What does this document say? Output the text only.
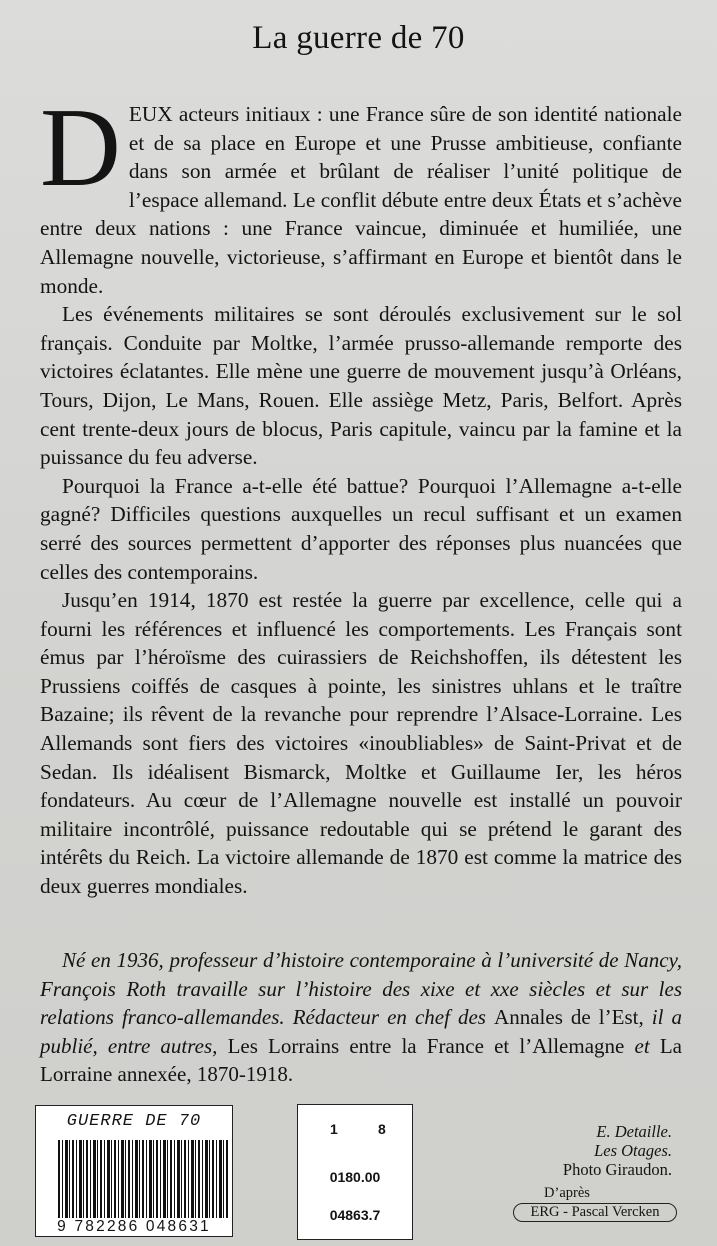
La guerre de 70

DEUX acteurs initiaux : une France sûre de son identité nationale et de sa place en Europe et une Prusse ambitieuse, confiante dans son armée et brûlant de réaliser l’unité politique de l’espace allemand. Le conflit débute entre deux États et s’achève entre deux nations : une France vaincue, diminuée et humiliée, une Allemagne nouvelle, victorieuse, s’affirmant en Europe et bientôt dans le monde.

Les événements militaires se sont déroulés exclusivement sur le sol français. Conduite par Moltke, l’armée prusso-allemande remporte des victoires éclatantes. Elle mène une guerre de mouvement jusqu’à Orléans, Tours, Dijon, Le Mans, Rouen. Elle assiège Metz, Paris, Belfort. Après cent trente-deux jours de blocus, Paris capitule, vaincu par la famine et la puissance du feu adverse.

Pourquoi la France a-t-elle été battue? Pourquoi l’Allemagne a-t-elle gagné? Difficiles questions auxquelles un recul suffisant et un examen serré des sources permettent d’apporter des réponses plus nuancées que celles des contemporains.

Jusqu’en 1914, 1870 est restée la guerre par excellence, celle qui a fourni les références et influencé les comportements. Les Français sont émus par l’héroïsme des cuirassiers de Reichshoffen, ils détestent les Prussiens coiffés de casques à pointe, les sinistres uhlans et le traître Bazaine; ils rêvent de la revanche pour reprendre l’Alsace-Lorraine. Les Allemands sont fiers des victoires «inoubliables» de Saint-Privat et de Sedan. Ils idéalisent Bismarck, Moltke et Guillaume Ier, les héros fondateurs. Au cœur de l’Allemagne nouvelle est installé un pouvoir militaire incontrôlé, puissance redoutable qui se prétend le garant des intérêts du Reich. La victoire allemande de 1870 est comme la matrice des deux guerres mondiales.

Né en 1936, professeur d’histoire contemporaine à l’université de Nancy, François Roth travaille sur l’histoire des xixe et xxe siècles et sur les relations franco-allemandes. Rédacteur en chef des Annales de l’Est, il a publié, entre autres, Les Lorrains entre la France et l’Allemagne et La Lorraine annexée, 1870-1918.
GUERRE DE 70
9 782286 048631
1	8
0180.00
04863.7
E. Detaille.
Les Otages.
Photo Giraudon.
D’après
ERG - Pascal Vercken
